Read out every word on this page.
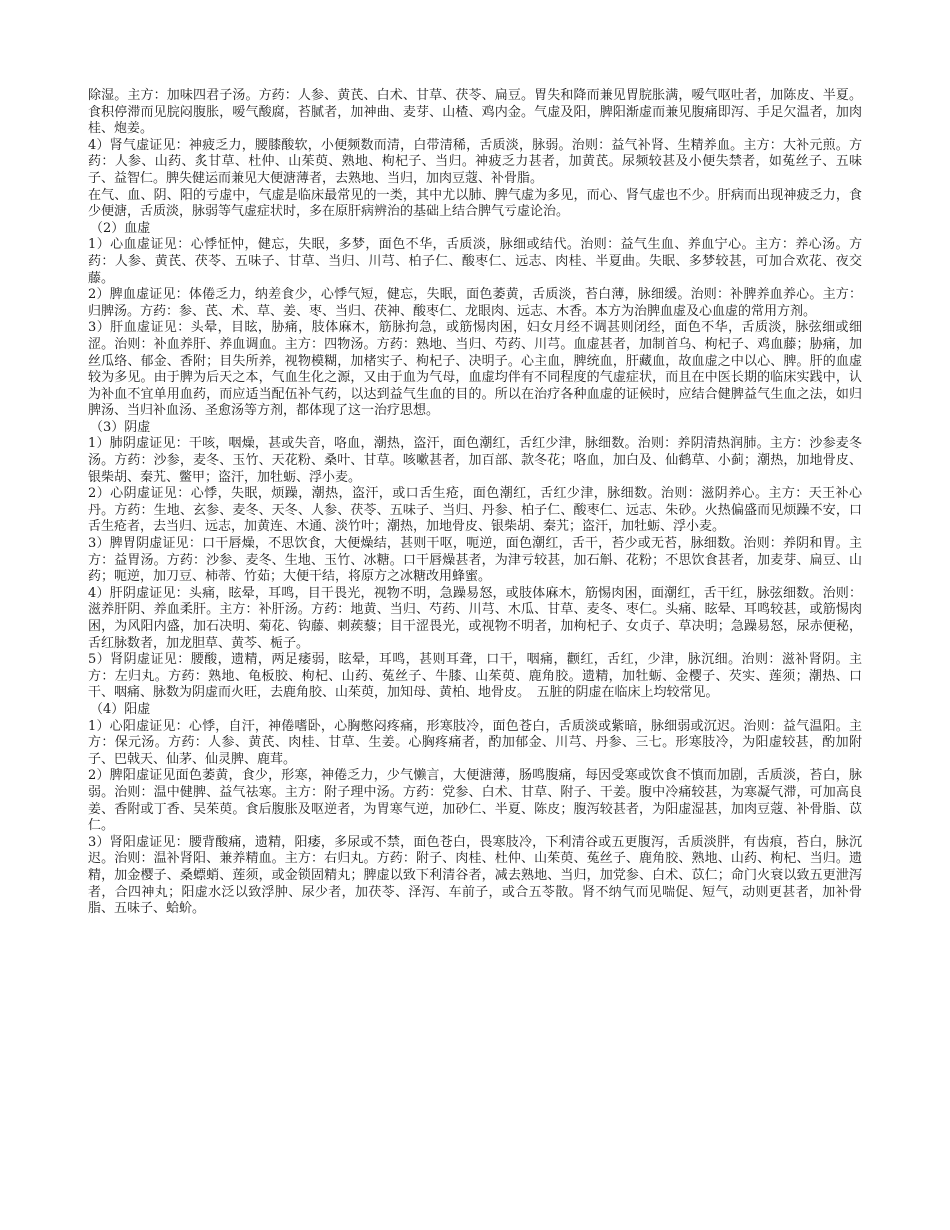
除湿。主方：加味四君子汤。方药：人参、黄芪、白术、甘草、茯苓、扁豆。胃失和降而兼见胃脘胀满，嗳气呕吐者，加陈皮、半夏。食积停滞而见脘闷腹胀，嗳气酸腐，苔腻者，加神曲、麦芽、山楂、鸡内金。气虚及阳，脾阳渐虚而兼见腹痛即泻、手足欠温者，加肉桂、炮姜。

4）肾气虚证见：神疲乏力，腰膝酸软，小便频数而清，白带清稀，舌质淡，脉弱。治则：益气补肾、生精养血。主方：大补元煎。方药：人参、山药、炙甘草、杜仲、山茱萸、熟地、枸杞子、当归。神疲乏力甚者，加黄芪。尿频较甚及小便失禁者，如菟丝子、五味子、益智仁。脾失健运而兼见大便溏薄者，去熟地、当归，加肉豆蔻、补骨脂。

在气、血、阴、阳的亏虚中，气虚是临床最常见的一类，其中尤以肺、脾气虚为多见，而心、肾气虚也不少。肝病而出现神疲乏力，食少便溏，舌质淡，脉弱等气虚症状时，多在原肝病辨治的基础上结合脾气亏虚论治。

（2）血虚

1）心血虚证见：心悸怔忡，健忘，失眠，多梦，面色不华，舌质淡，脉细或结代。治则：益气生血、养血宁心。主方：养心汤。方药：人参、黄芪、茯苓、五味子、甘草、当归、川芎、柏子仁、酸枣仁、远志、肉桂、半夏曲。失眠、多梦较甚，可加合欢花、夜交藤。

2）脾血虚证见：体倦乏力，纳差食少，心悸气短，健忘，失眠，面色萎黄，舌质淡，苔白薄，脉细缓。治则：补脾养血养心。主方：归脾汤。方药：参、芪、术、草、姜、枣、当归、茯神、酸枣仁、龙眼肉、远志、木香。本方为治脾血虚及心血虚的常用方剂。

3）肝血虚证见：头晕，目眩，胁痛，肢体麻木，筋脉拘急，或筋惕肉困，妇女月经不调甚则闭经，面色不华，舌质淡，脉弦细或细涩。治则：补血养肝、养血调血。主方：四物汤。方药：熟地、当归、芍药、川芎。血虚甚者，加制首乌、枸杞子、鸡血藤；胁痛，加丝瓜络、郁金、香附；目失所养，视物模糊，加楮实子、枸杞子、决明子。心主血，脾统血，肝藏血，故血虚之中以心、脾。肝的血虚较为多见。由于脾为后天之本，气血生化之源，又由于血为气母，血虚均伴有不同程度的气虚症状，而且在中医长期的临床实践中，认为补血不宜单用血药，而应适当配伍补气药，以达到益气生血的目的。所以在治疗各种血虚的证候时，应结合健脾益气生血之法，如归脾汤、当归补血汤、圣愈汤等方剂，都体现了这一治疗思想。

（3）阴虚

1）肺阴虚证见：干咳，咽燥，甚或失音，咯血，潮热，盗汗，面色潮红，舌红少津，脉细数。治则：养阴清热润肺。主方：沙参麦冬汤。方药：沙参，麦冬、玉竹、天花粉、桑叶、甘草。咳嗽甚者，加百部、款冬花；咯血，加白及、仙鹤草、小蓟；潮热，加地骨皮、银柴胡、秦艽、鳖甲；盗汗，加牡蛎、浮小麦。

2）心阴虚证见：心悸，失眠，烦躁，潮热，盗汗，或口舌生疮，面色潮红，舌红少津，脉细数。治则：滋阴养心。主方：天王补心丹。方药：生地、玄参、麦冬、天冬、人参、茯苓、五味子、当归、丹参、柏子仁、酸枣仁、远志、朱砂。火热偏盛而见烦躁不安，口舌生疮者，去当归、远志，加黄连、木通、淡竹叶；潮热，加地骨皮、银柴胡、秦艽；盗汗，加牡蛎、浮小麦。

3）脾胃阴虚证见：口干唇燥，不思饮食，大便燥结，甚则干呕，呃逆，面色潮红，舌干，苔少或无苔，脉细数。治则：养阴和胃。主方：益胃汤。方药：沙参、麦冬、生地、玉竹、冰糖。口干唇燥甚者，为津亏较甚，加石斛、花粉；不思饮食甚者，加麦芽、扁豆、山药；呃逆，加刀豆、柿蒂、竹茹；大便干结，将原方之冰糖改用蜂蜜。

4）肝阴虚证见：头痛，眩晕，耳鸣，目干畏光，视物不明，急躁易怒，或肢体麻木，筋惕肉困，面潮红，舌干红，脉弦细数。治则：滋养肝阴、养血柔肝。主方：补肝汤。方药：地黄、当归、芍药、川芎、木瓜、甘草、麦冬、枣仁。头痛、眩晕、耳鸣较甚，或筋惕肉困，为风阳内盛，加石决明、菊花、钩藤、刺蒺藜；目干涩畏光，或视物不明者，加枸杞子、女贞子、草决明；急躁易怒，尿赤便秘，舌红脉数者，加龙胆草、黄芩、栀子。

5）肾阴虚证见：腰酸，遗精，两足痿弱，眩晕，耳鸣，甚则耳聋，口干，咽痛，颧红，舌红，少津，脉沉细。治则：滋补肾阴。主方：左归丸。方药：熟地、龟板胶、枸杞、山药、菟丝子、牛膝、山茱萸、鹿角胶。遗精，加牡蛎、金樱子、芡实、莲须；潮热、口干、咽痛、脉数为阴虚而火旺，去鹿角胶、山茱萸，加知母、黄柏、地骨皮。　五脏的阴虚在临床上均较常见。

（4）阳虚

1）心阳虚证见：心悸，自汗，神倦嗜卧，心胸憋闷疼痛，形寒肢冷，面色苍白，舌质淡或紫暗，脉细弱或沉迟。治则：益气温阳。主方：保元汤。方药：人参、黄芪、肉桂、甘草、生姜。心胸疼痛者，酌加郁金、川芎、丹参、三七。形寒肢冷，为阳虚较甚，酌加附子、巴戟天、仙茅、仙灵脾、鹿茸。

2）脾阳虚证见面色萎黄，食少，形寒，神倦乏力，少气懒言，大便溏薄，肠鸣腹痛，每因受寒或饮食不慎而加剧，舌质淡，苔白，脉弱。治则：温中健脾、益气祛寒。主方：附子理中汤。方药：党参、白术、甘草、附子、干姜。腹中冷痛较甚，为寒凝气滞，可加高良姜、香附或丁香、吴茱萸。食后腹胀及呕逆者，为胃寒气逆，加砂仁、半夏、陈皮；腹泻较甚者，为阳虚湿甚，加肉豆蔻、补骨脂、苡仁。

3）肾阳虚证见：腰背酸痛，遗精，阳痿，多尿或不禁，面色苍白，畏寒肢冷，下利清谷或五更腹泻，舌质淡胖，有齿痕，苔白，脉沉迟。治则：温补肾阳、兼养精血。主方：右归丸。方药：附子、肉桂、杜仲、山茱萸、菟丝子、鹿角胶、熟地、山药、枸杞、当归。遗精，加金樱子、桑螵蛸、莲须，或金锁固精丸；脾虚以致下利清谷者，减去熟地、当归，加党参、白术、苡仁；命门火衰以致五更泄泻者，合四神丸；阳虚水泛以致浮肿、尿少者，加茯苓、泽泻、车前子，或合五苓散。肾不纳气而见喘促、短气，动则更甚者，加补骨脂、五味子、蛤蚧。
